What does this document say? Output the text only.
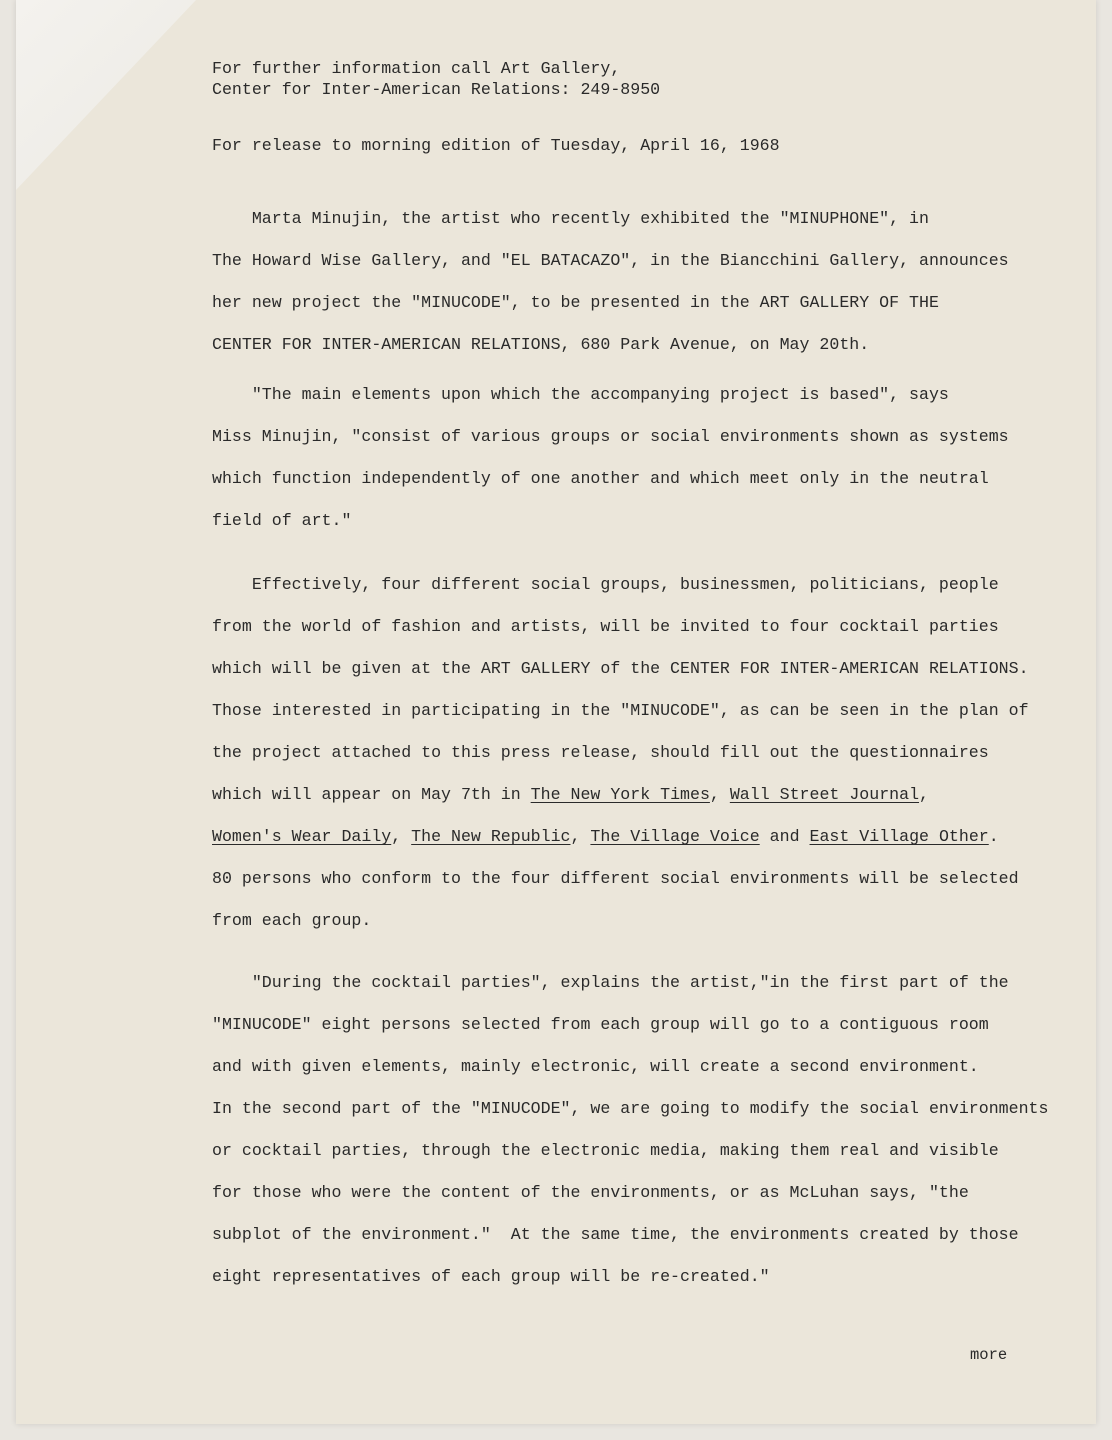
For further information call Art Gallery,
Center for Inter-American Relations: 249-8950
For release to morning edition of Tuesday, April 16, 1968
Marta Minujin, the artist who recently exhibited the "MINUPHONE", in
The Howard Wise Gallery, and "EL BATACAZO", in the Biancchini Gallery, announces
her new project the "MINUCODE", to be presented in the ART GALLERY OF THE
CENTER FOR INTER-AMERICAN RELATIONS, 680 Park Avenue, on May 20th.
"The main elements upon which the accompanying project is based", says
Miss Minujin, "consist of various groups or social environments shown as systems
which function independently of one another and which meet only in the neutral
field of art."
Effectively, four different social groups, businessmen, politicians, people
from the world of fashion and artists, will be invited to four cocktail parties
which will be given at the ART GALLERY of the CENTER FOR INTER-AMERICAN RELATIONS.
Those interested in participating in the "MINUCODE", as can be seen in the plan of
the project attached to this press release, should fill out the questionnaires
which will appear on May 7th in The New York Times, Wall Street Journal,
Women's Wear Daily, The New Republic, The Village Voice and East Village Other.
80 persons who conform to the four different social environments will be selected
from each group.
"During the cocktail parties", explains the artist,"in the first part of the
"MINUCODE" eight persons selected from each group will go to a contiguous room
and with given elements, mainly electronic, will create a second environment.
In the second part of the "MINUCODE", we are going to modify the social environments
or cocktail parties, through the electronic media, making them real and visible
for those who were the content of the environments, or as McLuhan says, "the
subplot of the environment."  At the same time, the environments created by those
eight representatives of each group will be re-created."
more
